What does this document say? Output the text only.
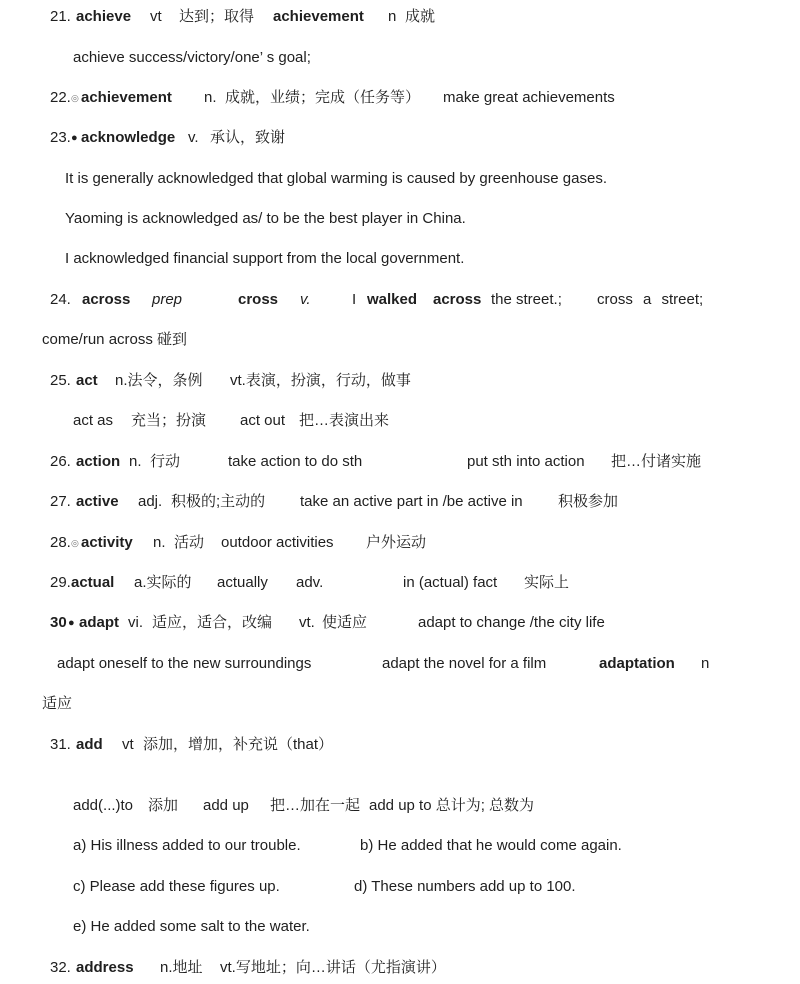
21. achieve vt 达到；取得 achievement n 成就
achieve success/victory/one’ s goal;
22. ◎ achievement n. 成就，业绩；完成（任务等） make great achievements
23. ● acknowledge v. 承认，致谢
It is generally acknowledged that global warming is caused by greenhouse gases.
Yaoming is acknowledged as/ to be the best player in China.
I acknowledged financial support from the local government.
24. across prep	cross v.	I walked across the street.; cross a street;
come/run across 碰到
25. act n.法令，条例 vt.表演，扮演，行动，做事
act as 充当；扮演 act out 把…表演出来
26. action n. 行动	take action to do sth	put sth into action 把…付诸实施
27. active adj. 积极的;主动的 take an active part in /be active in 积极参加
28. ◎ activity n. 活动 outdoor activities 户外运动
29. actual a.实际的 actually adv.	in (actual) fact 实际上
30 ● adapt vi. 适应，适合，改编 vt. 使适应	adapt to change /the city life
adapt oneself to the new surroundings	adapt the novel for a film	adaptation n
适应
31. add vt 添加，增加，补充说（that）
add(...)to 添加 add up 把…加在一起 add up to 总计为; 总数为
a) His illness added to our trouble.	b) He added that he would come again.
c) Please add these figures up.	d) These numbers add up to 100.
e) He added some salt to the water.
32. address n.地址 vt.写地址；向…讲话（尤指演讲）
